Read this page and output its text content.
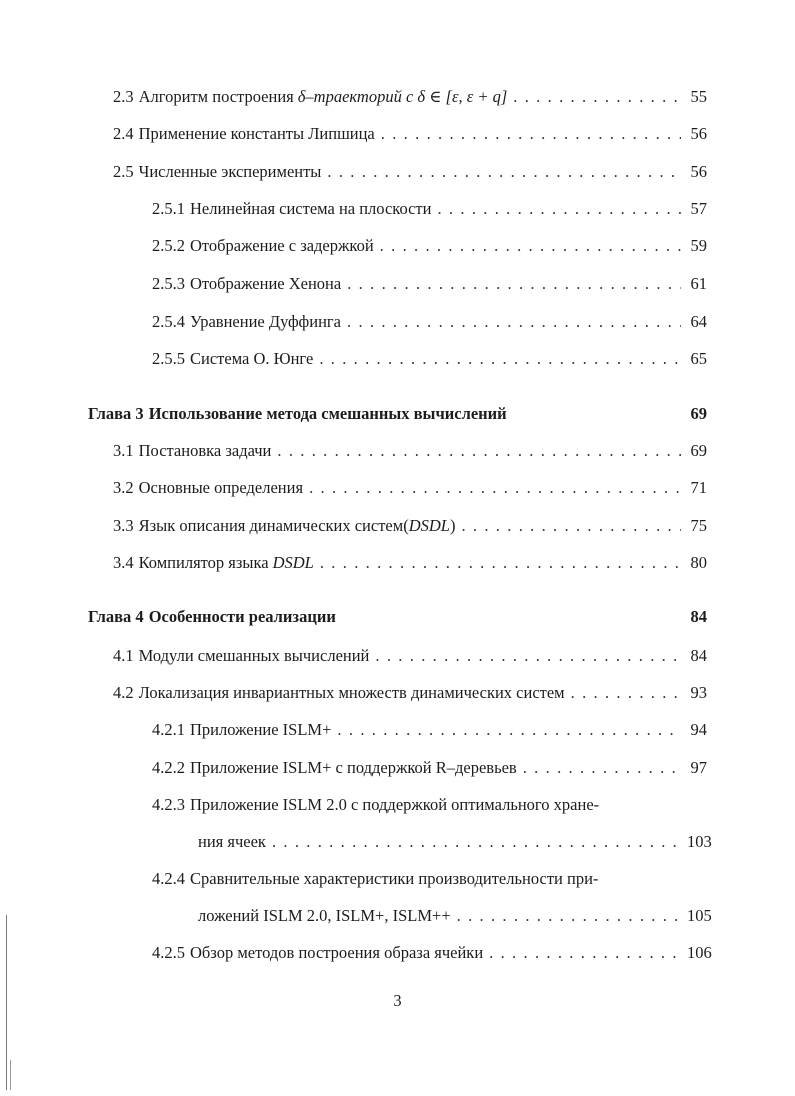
2.3 Алгоритм построения δ–траекторий с δ ∈ [ε, ε + q] . . .	55
2.4 Применение константы Липшица . . .	56
2.5 Численные эксперименты . . .	56
2.5.1 Нелинейная система на плоскости . . .	57
2.5.2 Отображение с задержкой . . .	59
2.5.3 Отображение Хенона . . .	61
2.5.4 Уравнение Дуффинга . . .	64
2.5.5 Система О. Юнге . . .	65
Глава 3 Использование метода смешанных вычислений	69
3.1 Постановка задачи . . .	69
3.2 Основные определения . . .	71
3.3 Язык описания динамических систем( DSDL ) . . .	75
3.4 Компилятор языка DSDL . . .	80
Глава 4 Особенности реализации	84
4.1 Модули смешанных вычислений . . .	84
4.2 Локализация инвариантных множеств динамических систем . . .	93
4.2.1 Приложение ISLM+ . . .	94
4.2.2 Приложение ISLM+ с поддержкой R–деревьев . . .	97
4.2.3 Приложение ISLM 2.0 с поддержкой оптимального хране-
ния ячеек . . .	103
4.2.4 Сравнительные характеристики производительности при-
ложений ISLM 2.0, ISLM+, ISLM++ . . .	105
4.2.5 Обзор методов построения образа ячейки . . .	106
3
